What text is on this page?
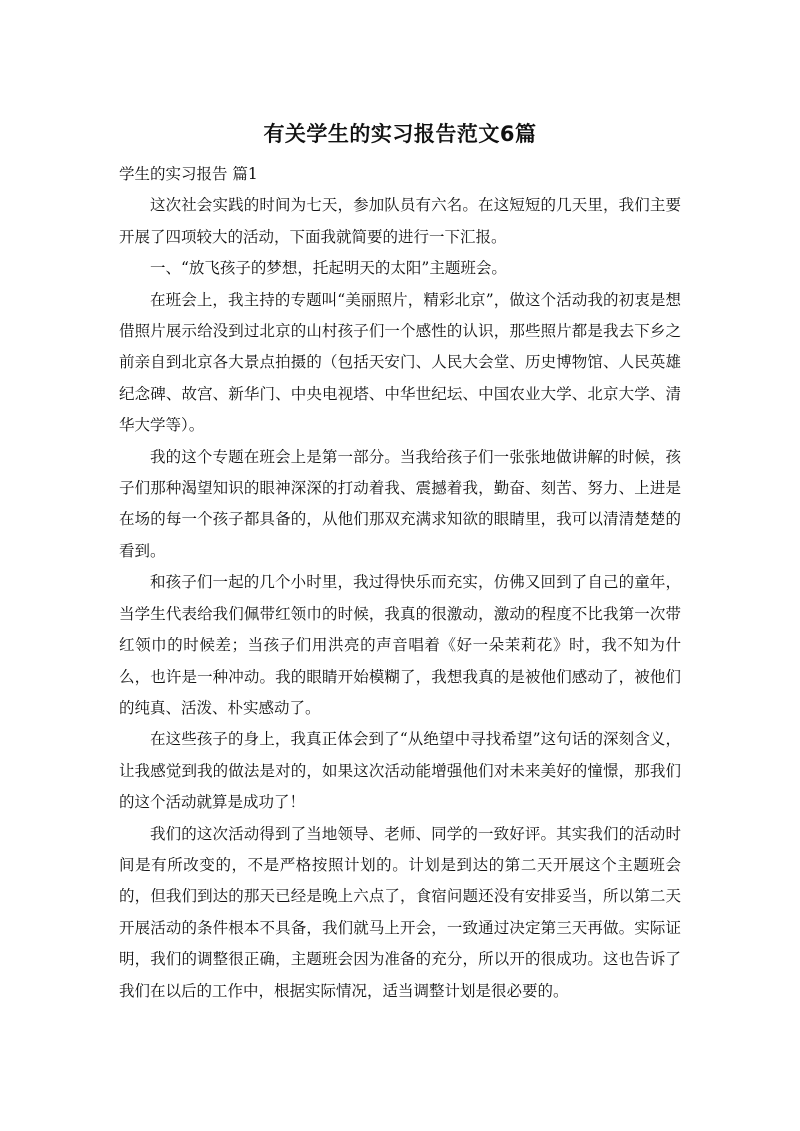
有关学生的实习报告范文6篇
学生的实习报告 篇1

这次社会实践的时间为七天，参加队员有六名。在这短短的几天里，我们主要开展了四项较大的活动，下面我就简要的进行一下汇报。

一、“放飞孩子的梦想，托起明天的太阳”主题班会。

在班会上，我主持的专题叫“美丽照片，精彩北京”，做这个活动我的初衷是想借照片展示给没到过北京的山村孩子们一个感性的认识，那些照片都是我去下乡之前亲自到北京各大景点拍摄的（包括天安门、人民大会堂、历史博物馆、人民英雄纪念碑、故宫、新华门、中央电视塔、中华世纪坛、中国农业大学、北京大学、清华大学等）。

我的这个专题在班会上是第一部分。当我给孩子们一张张地做讲解的时候，孩子们那种渴望知识的眼神深深的打动着我、震撼着我，勤奋、刻苦、努力、上进是在场的每一个孩子都具备的，从他们那双充满求知欲的眼睛里，我可以清清楚楚的看到。

和孩子们一起的几个小时里，我过得快乐而充实，仿佛又回到了自己的童年，当学生代表给我们佩带红领巾的时候，我真的很激动，激动的程度不比我第一次带红领巾的时候差；当孩子们用洪亮的声音唱着《好一朵茉莉花》时，我不知为什么，也许是一种冲动。我的眼睛开始模糊了，我想我真的是被他们感动了，被他们的纯真、活泼、朴实感动了。

在这些孩子的身上，我真正体会到了“从绝望中寻找希望”这句话的深刻含义，让我感觉到我的做法是对的，如果这次活动能增强他们对未来美好的憧憬，那我们的这个活动就算是成功了！

我们的这次活动得到了当地领导、老师、同学的一致好评。其实我们的活动时间是有所改变的，不是严格按照计划的。计划是到达的第二天开展这个主题班会的，但我们到达的那天已经是晚上六点了，食宿问题还没有安排妥当，所以第二天开展活动的条件根本不具备，我们就马上开会，一致通过决定第三天再做。实际证明，我们的调整很正确，主题班会因为准备的充分，所以开的很成功。这也告诉了我们在以后的工作中，根据实际情况，适当调整计划是很必要的。
